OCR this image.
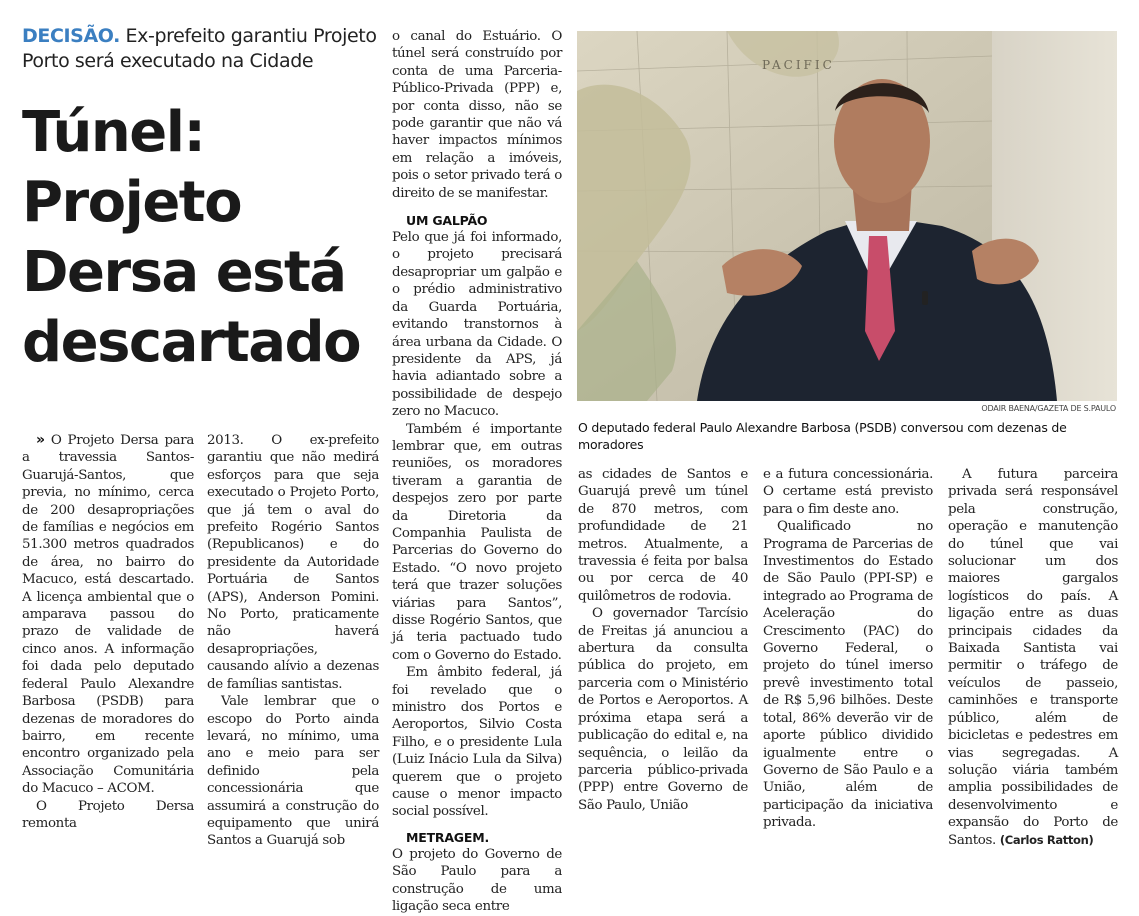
DECISÃO. Ex-prefeito garantiu Projeto Porto será executado na Cidade
Túnel:
Projeto
Dersa está
descartado

o canal do Estuário. O túnel será construído por conta de uma Parceria-Público-Privada (PPP) e, por conta disso, não se pode garantir que não vá haver impactos mínimos em relação a imóveis, pois o setor privado terá o direito de se manifestar.

UM GALPÃO

Pelo que já foi informado, o projeto precisará desapropriar um galpão e o prédio administrativo da Guarda Portuária, evitando transtornos à área urbana da Cidade. O presidente da APS, já havia adiantado sobre a possibilidade de despejo zero no Macuco.

Também é importante lembrar que, em outras reuniões, os moradores tiveram a garantia de despejos zero por parte da Diretoria da Companhia Paulista de Parcerias do Governo do Estado. “O novo projeto terá que trazer soluções viárias para Santos”, disse Rogério Santos, que já teria pactuado tudo com o Governo do Estado.

Em âmbito federal, já foi revelado que o ministro dos Portos e Aeroportos, Silvio Costa Filho, e o presidente Lula (Luiz Inácio Lula da Silva) querem que o projeto cause o menor impacto social possível.

METRAGEM.

O projeto do Governo de São Paulo para a construção de uma ligação seca entre

» O Projeto Dersa para a travessia Santos-Guarujá-Santos, que previa, no mínimo, cerca de 200 desapropriações de famílias e negócios em 51.300 metros quadrados de área, no bairro do Macuco, está descartado. A licença ambiental que o amparava passou do prazo de validade de cinco anos. A informação foi dada pelo deputado federal Paulo Alexandre Barbosa (PSDB) para dezenas de moradores do bairro, em recente encontro organizado pela Associação Comunitária do Macuco – ACOM.

O Projeto Dersa remonta

2013. O ex-prefeito garantiu que não medirá esforços para que seja executado o Projeto Porto, que já tem o aval do prefeito Rogério Santos (Republicanos) e do presidente da Autoridade Portuária de Santos (APS), Anderson Pomini. No Porto, praticamente não haverá desapropriações, causando alívio a dezenas de famílias santistas.

Vale lembrar que o escopo do Porto ainda levará, no mínimo, uma ano e meio para ser definido pela concessionária que assumirá a construção do equipamento que unirá Santos a Guarujá sob

PACIFIC
ODAIR BAENA/GAZETA DE S.PAULO
O deputado federal Paulo Alexandre Barbosa (PSDB) conversou com dezenas de moradores

as cidades de Santos e Guarujá prevê um túnel de 870 metros, com profundidade de 21 metros. Atualmente, a travessia é feita por balsa ou por cerca de 40 quilômetros de rodovia.

O governador Tarcísio de Freitas já anunciou a abertura da consulta pública do projeto, em parceria com o Ministério de Portos e Aeroportos. A próxima etapa será a publicação do edital e, na sequência, o leilão da parceria público-privada (PPP) entre Governo de São Paulo, União

e a futura concessionária. O certame está previsto para o fim deste ano.

Qualificado no Programa de Parcerias de Investimentos do Estado de São Paulo (PPI-SP) e integrado ao Programa de Aceleração do Crescimento (PAC) do Governo Federal, o projeto do túnel imerso prevê investimento total de R$ 5,96 bilhões. Deste total, 86% deverão vir de aporte público dividido igualmente entre o Governo de São Paulo e a União, além de participação da iniciativa privada.

A futura parceira privada será responsável pela construção, operação e manutenção do túnel que vai solucionar um dos maiores gargalos logísticos do país. A ligação entre as duas principais cidades da Baixada Santista vai permitir o tráfego de veículos de passeio, caminhões e transporte público, além de bicicletas e pedestres em vias segregadas. A solução viária também amplia possibilidades de desenvolvimento e expansão do Porto de Santos. (Carlos Ratton)
